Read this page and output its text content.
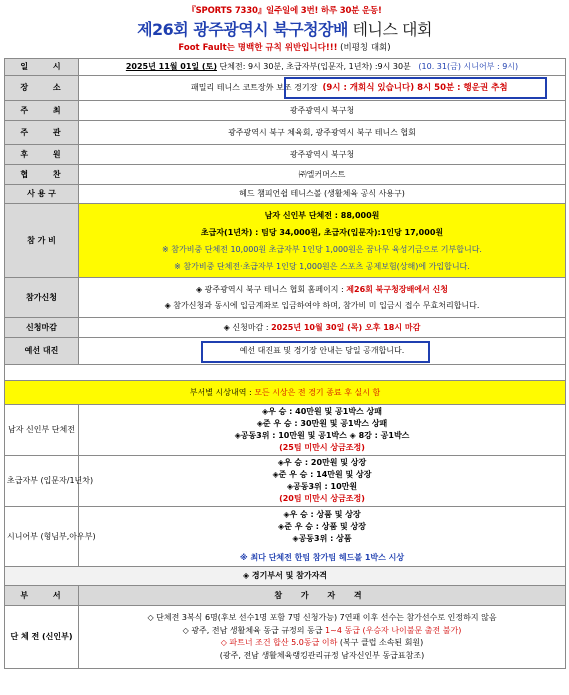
『SPORTS 7330』일주일에 3번! 하루 30분 운동!
제26회 광주광역시 북구청장배 테니스 대회
Foot Fault는 명백한 규칙 위반입니다!!! (비평칭 대회)
일 시	2025년 11월 01일 (토) 단체전: 9시 30분, 초급자부(입문자, 1년차) :9시 30분 (10. 31(금) 시니어부 : 9시)
장 소	패밀리 테니스 코트장外 보조 경기장 (9시 : 개회식 있습니다) 8시 50분 : 행운권 추첨
주 최	광주광역시 북구청
주 관	광주광역시 북구 체육회, 광주광역시 북구 테니스 협회
후 원	광주광역시 북구청
협 찬	㈜엘커머스트
사 용 구	헤드 챔피언쉽 테니스볼 (생활체육 공식 사용구)
참 가 비	남자 신인부 단체전 : 88,000원
초급자(1년차) : 팀당 34,000원, 초급자(입문자):1인당 17,000원
※ 참가비중 단체전 10,000원 초급자부 1인당 1,000원은 꿈나무 육성기금으로 기부합니다.
※ 참가비중 단체전·초급자부 1인당 1,000원은 스포츠 공제보험(상해)에 가입합니다.

참가신청	◈ 광주광역시 북구 테니스 협회 홈페이지 : 제26회 북구청장배에서 신청
◈ 참가신청과 동시에 입금계좌로 입금하여야 하며, 참가비 미 입금시 접수 무효처리합니다.

신청마감	◈ 신청마감 : 2025년 10월 30일 (목) 오후 18시 마감
예선 대진	예선 대진표 및 경기장 안내는 당일 공개합니다.

부서별 시상내역 : 모든 시상은 전 경기 종료 후 실시 함	
남자 신인부 단체전	◈우 승 : 40만원 및 공1박스 상패
◈준 우 승 : 30만원 및 공1박스 상패
◈공동3위 : 10만원 및 공1박스 ◈ 8강 : 공1박스
(25팀 미만시 상금조정)

초급자부 (입문자/1년차)	◈우 승 : 20만원 및 상장
◈준 우 승 : 14만원 및 상장
◈공동3위 : 10만원
(20팀 미만시 상금조정)

시니어부 (형님부,아우부)	◈우 승 : 상품 및 상장
◈준 우 승 : 상품 및 상장
◈공동3위 : 상품
※ 최다 단체전 한팀 참가팀 헤드볼 1박스 시상

◈ 경기부서 및 참가자격	
부 서	참 가 자 격
단 체 전 (신인부)	◇ 단체전 3복식 6명(후보 선수1명 포함 7명 신청가능) 7연패 이후 선수는 참가선수로 인정하지 않음
◇ 광주, 전남 생활체육 동급 규정의 동급 1~4 동급 (우승자 나이불문 출전 불가)
◇ 파트너 조건 합산 5.0동급 이하 (복구 클럽 소속된 회원)
(광주, 전남 생활체육랭킹관리규정 남자신인부 동급표참조)
